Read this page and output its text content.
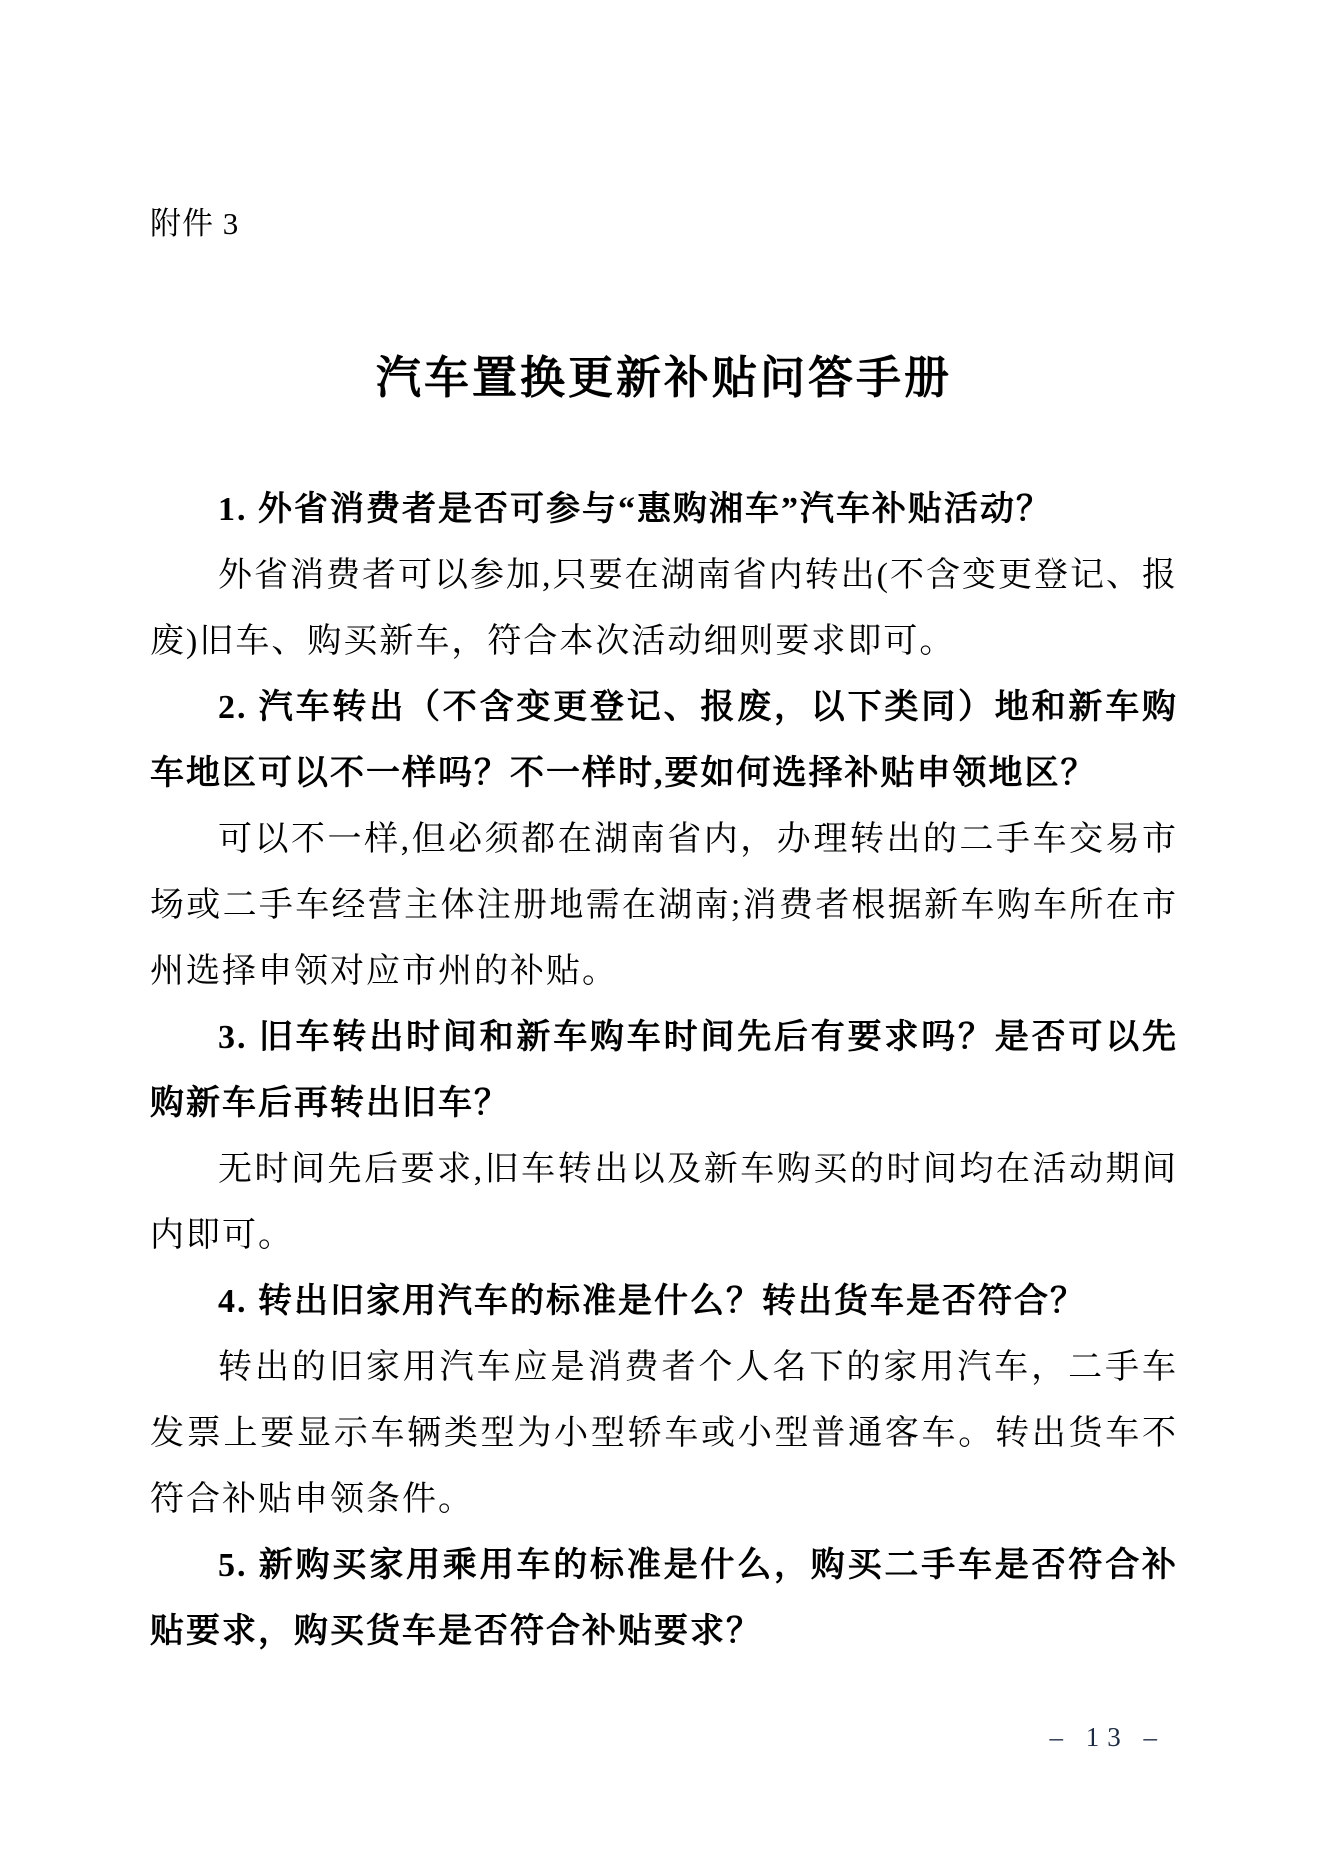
附件 3
汽车置换更新补贴问答手册

1. 外省消费者是否可参与“惠购湘车”汽车补贴活动？

外省消费者可以参加,只要在湖南省内转出(不含变更登记、报废)旧车、购买新车，符合本次活动细则要求即可。

2. 汽车转出（不含变更登记、报废，以下类同）地和新车购车地区可以不一样吗？不一样时,要如何选择补贴申领地区？

可以不一样,但必须都在湖南省内，办理转出的二手车交易市场或二手车经营主体注册地需在湖南;消费者根据新车购车所在市州选择申领对应市州的补贴。

3. 旧车转出时间和新车购车时间先后有要求吗？是否可以先购新车后再转出旧车？

无时间先后要求,旧车转出以及新车购买的时间均在活动期间内即可。

4. 转出旧家用汽车的标准是什么？转出货车是否符合？

转出的旧家用汽车应是消费者个人名下的家用汽车，二手车发票上要显示车辆类型为小型轿车或小型普通客车。转出货车不符合补贴申领条件。

5. 新购买家用乘用车的标准是什么，购买二手车是否符合补贴要求，购买货车是否符合补贴要求？

– 13 –
